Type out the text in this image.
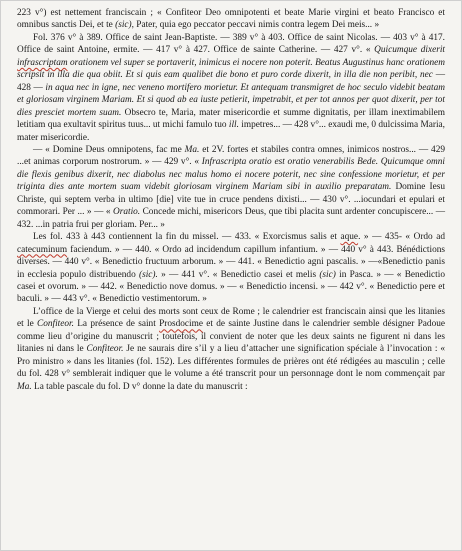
223 v°) est nettement franciscain ; « Confiteor Deo omnipotenti et beate Marie virgini et beato Francisco et omnibus sanctis Dei, et te (sic), Pater, quia ego peccator peccavi nimis contra legem Dei meis... »

Fol. 376 v° à 389. Office de saint Jean-Baptiste. — 389 v° à 403. Office de saint Nicolas. — 403 v° à 417. Office de saint Antoine, ermite. — 417 v° à 427. Office de sainte Catherine. — 427 v°. « Quicumque dixerit infrascriptam orationem vel super se portaverit, inimicus ei nocere non poterit. Beatus Augustinus hanc orationem scripsit in illa die qua obiit. Et si quis eam qualibet die bono et puro corde dixerit, in illa die non peribit, nec — 428 — in aqua nec in igne, nec veneno mortifero morietur. Et antequam transmigret de hoc seculo videbit beatam et gloriosam virginem Mariam. Et si quod ab ea iuste petierit, impetrabit, et per tot annos per quot dixerit, per tot dies presciet mortem suam. Obsecro te, Maria, mater misericordie et summe dignitatis, per illam inextimabilem letitiam qua exultavit spiritus tuus... ut michi famulo tuo ill. impetres... — 428 v°... exaudi me, 0 dulcissima Maria, mater misericordie.

— « Domine Deus omnipotens, fac me Ma. et 2V. fortes et stabiles contra omnes, inimicos nostros... — 429 ...et animas corporum nostrorum. » — 429 v°. « Infrascripta oratio est oratio venerabilis Bede. Quicumque omni die flexis genibus dixerit, nec diabolus nec malus homo ei nocere poterit, nec sine confessione morietur, et per triginta dies ante mortem suam videbit gloriosam virginem Mariam sibi in auxilio preparatam. Domine Iesu Christe, qui septem verba in ultimo [die] vite tue in cruce pendens dixisti... — 430 v°. ...iocundari et epulari et commorari. Per ... » — « Oratio. Concede michi, misericors Deus, que tibi placita sunt ardenter concupiscere... — 432. ...in patria frui per gloriam. Per... »

Les fol. 433 à 443 contiennent la fin du missel. — 433. « Exorcismus salis et aque. » — 435- « Ordo ad catecuminum faciendum. » — 440. « Ordo ad incidendum capillum infantium. » — 440 v° à 443. Bénédictions diverses. — 440 v°. « Benedictio fructuum arborum. » — 441. « Benedictio agni pascalis. » —«Benedictio panis in ecclesia populo distribuendo (sic). » — 441 v°. « Benedictio casei et melis (sic) in Pasca. » — « Benedictio casei et ovorum. » — 442. « Benedictio nove domus. » — « Benedictio incensi. » — 442 v°. « Benedictio pere et baculi. » — 443 v°. « Benedictio vestimentorum. »

L’office de la Vierge et celui des morts sont ceux de Rome ; le calendrier est franciscain ainsi que les litanies et le Confiteor. La présence de saint Prosdocime et de sainte Justine dans le calendrier semble désigner Padoue comme lieu d’origine du manuscrit ; toutefois, il convient de noter que les deux saints ne figurent ni dans les litanies ni dans le Confiteor. Je ne saurais dire s’il y a lieu d’attacher une signification spéciale à l’invocation : « Pro ministro » dans les litanies (fol. 152). Les différentes formules de prières ont été rédigées au masculin ; celle du fol. 428 v° semblerait indiquer que le volume a été transcrit pour un personnage dont le nom commençait par Ma. La table pascale du fol. D v° donne la date du manuscrit :
